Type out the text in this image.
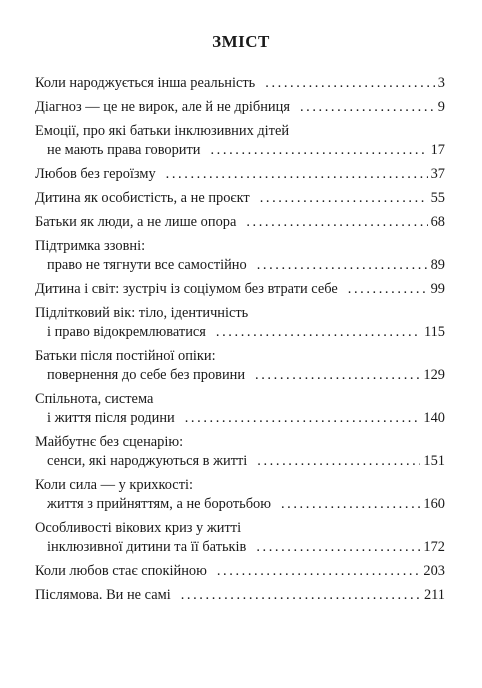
ЗМІСТ
Коли народжується інша реальність . . .	3
Діагноз — це не вирок, але й не дрібниця . . .	9
Емоції, про які батьки інклюзивних дітей
не мають права говорити . . .	17
Любов без героїзму . . .	37
Дитина як особистість, а не проєкт . . .	55
Батьки як люди, а не лише опора . . .	68
Підтримка ззовні:
право не тягнути все самостійно . . .	89
Дитина і світ: зустріч із соціумом без втрати себе . . .	99
Підлітковий вік: тіло, ідентичність
і право відокремлюватися . . .	115
Батьки після постійної опіки:
повернення до себе без провини . . .	129
Спільнота, система
і життя після родини . . .	140
Майбутнє без сценарію:
сенси, які народжуються в житті . . .	151
Коли сила — у крихкості:
життя з прийняттям, а не боротьбою . . .	160
Особливості вікових криз у житті
інклюзивної дитини та її батьків . . .	172
Коли любов стає спокійною . . .	203
Післямова. Ви не самі . . .	211
